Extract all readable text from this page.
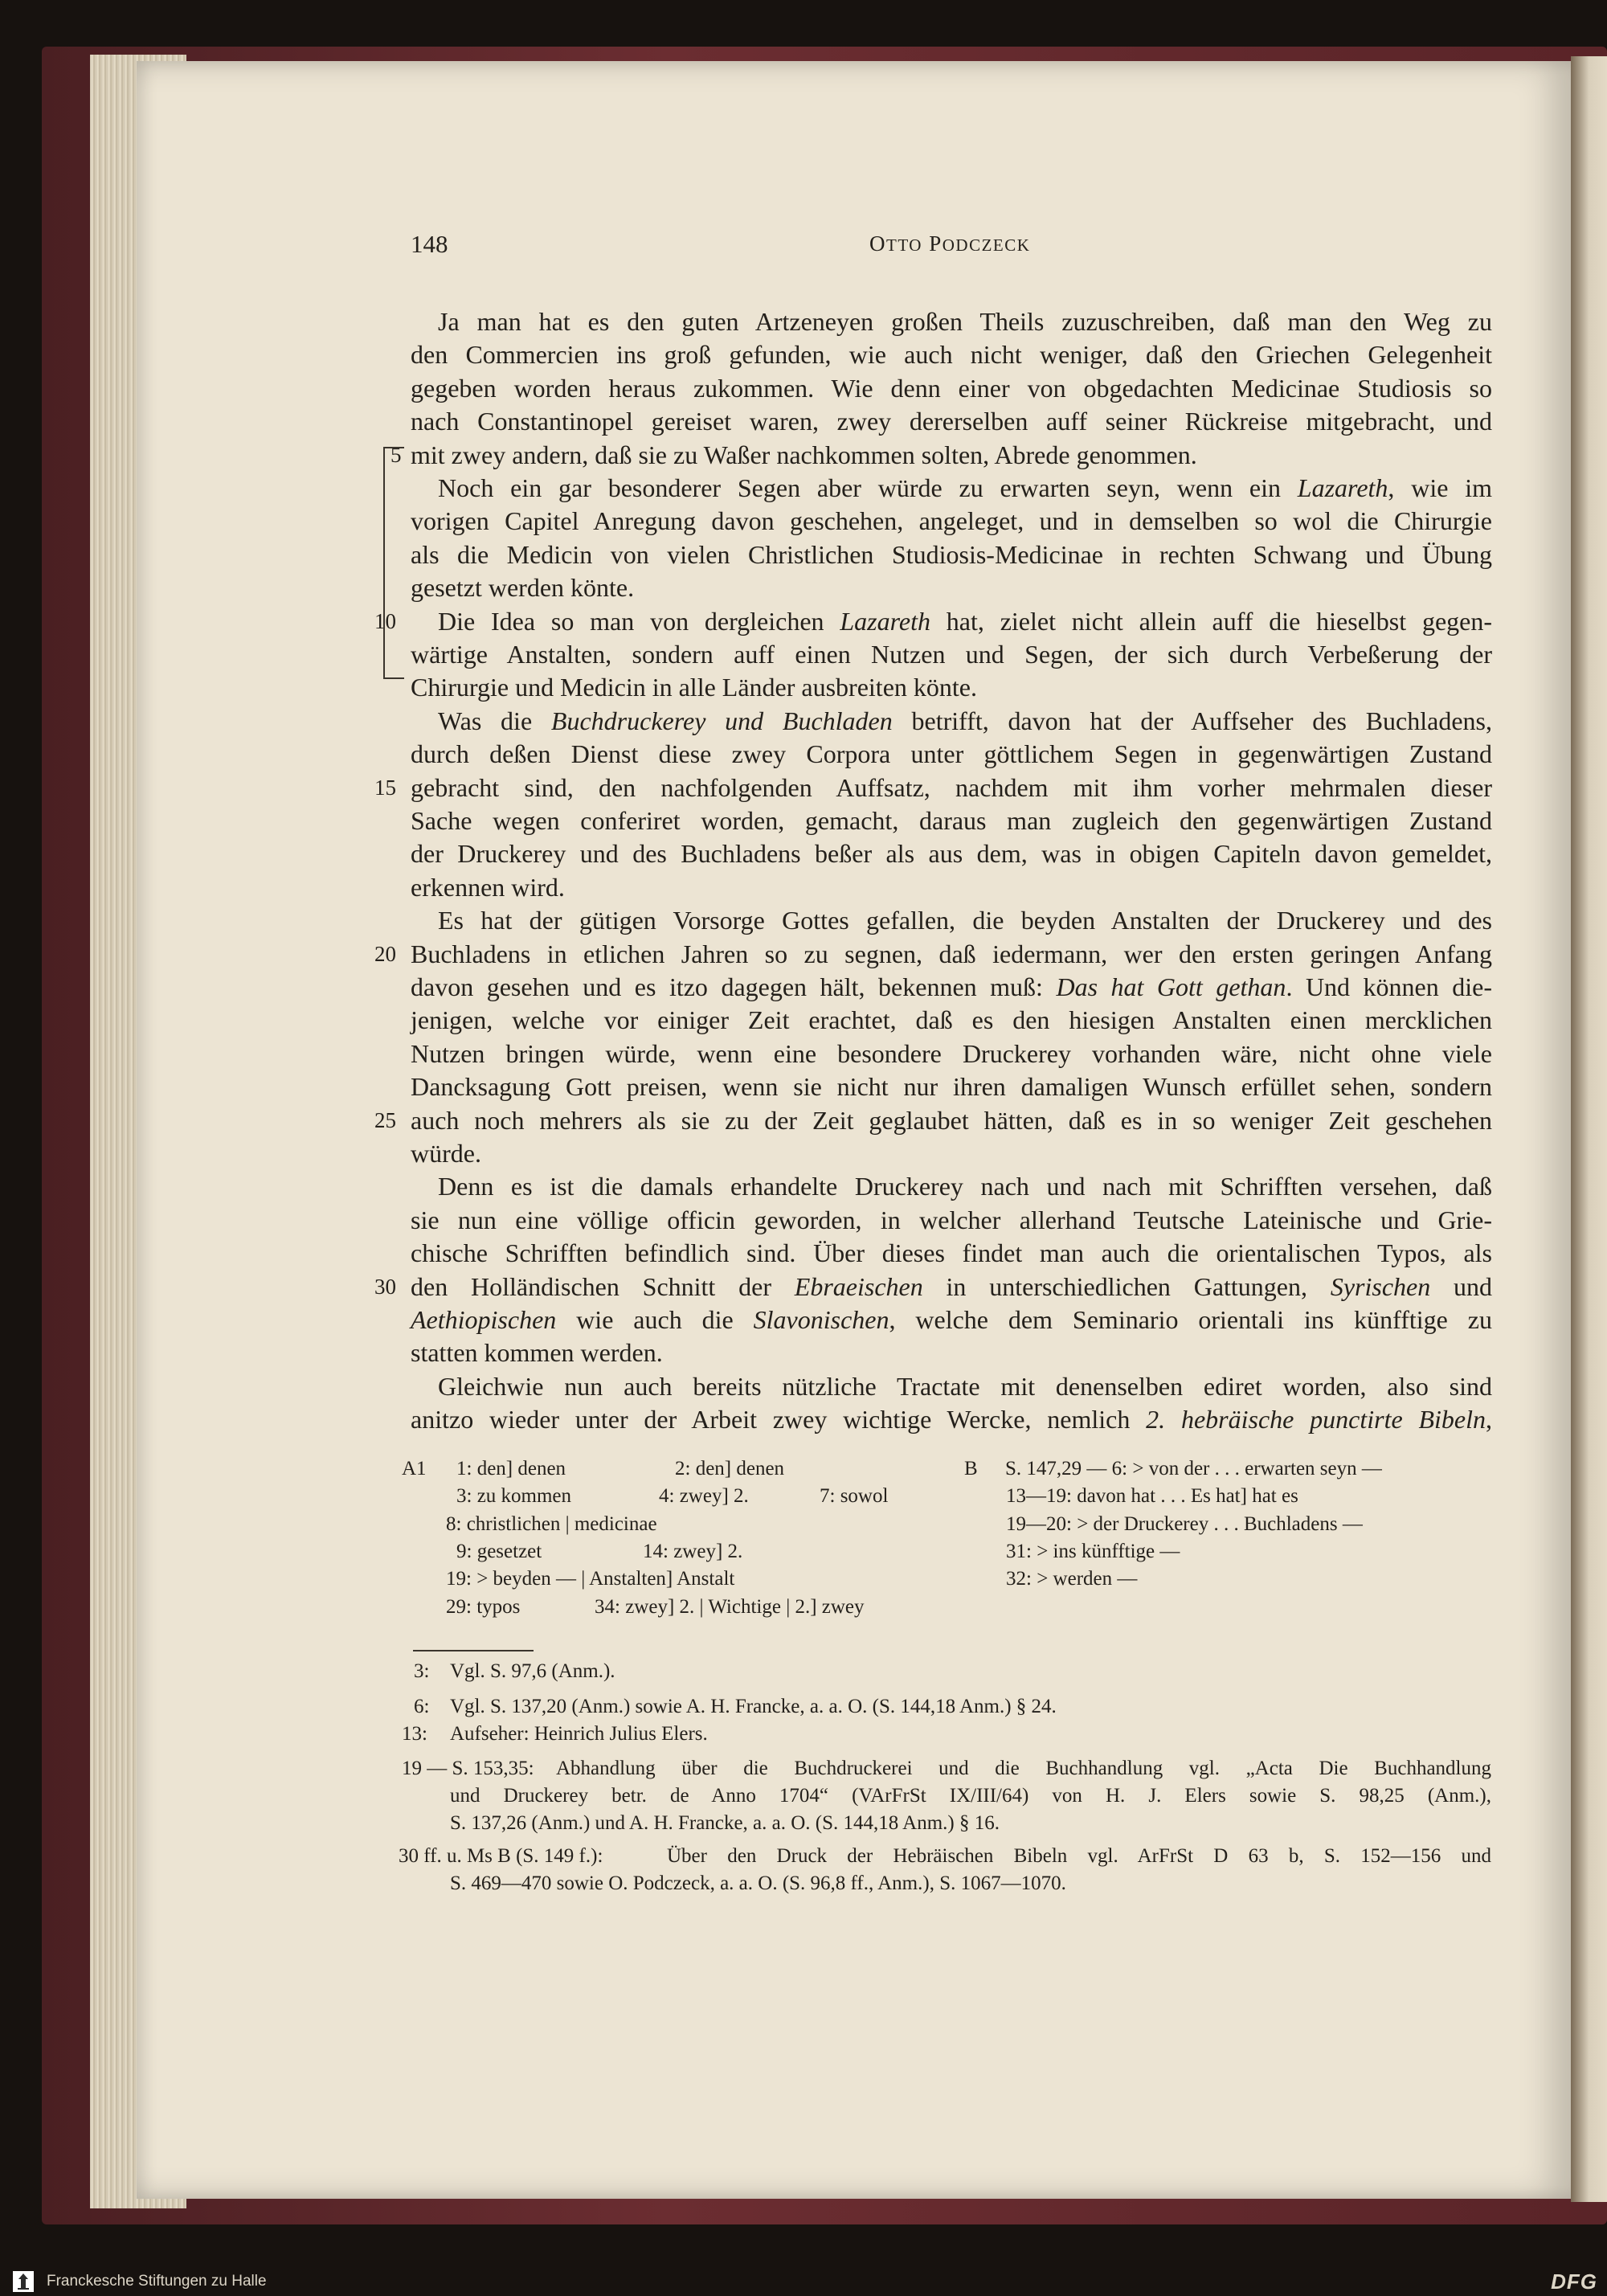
148	OTTO PODCZECK
Ja man hat es den guten Artzeneyen großen Theils zuzuschreiben, daß man den Weg zu
den Commercien ins groß gefunden, wie auch nicht weniger, daß den Griechen Gelegenheit
gegeben worden heraus zukommen. Wie denn einer von obgedachten Medicinae Studiosis so
nach Constantinopel gereiset waren, zwey dererselben auff seiner Rückreise mitgebracht, und
mit zwey andern, daß sie zu Waßer nachkommen solten, Abrede genommen.
Noch ein gar besonderer Segen aber würde zu erwarten seyn, wenn ein Lazareth, wie im
vorigen Capitel Anregung davon geschehen, angeleget, und in demselben so wol die Chirurgie
als die Medicin von vielen Christlichen Studiosis-Medicinae in rechten Schwang und Übung
gesetzt werden könte.
Die Idea so man von dergleichen Lazareth hat, zielet nicht allein auff die hieselbst gegen-
wärtige Anstalten, sondern auff einen Nutzen und Segen, der sich durch Verbeßerung der
Chirurgie und Medicin in alle Länder ausbreiten könte.
Was die Buchdruckerey und Buchladen betrifft, davon hat der Auffseher des Buchladens,
durch deßen Dienst diese zwey Corpora unter göttlichem Segen in gegenwärtigen Zustand
gebracht sind, den nachfolgenden Auffsatz, nachdem mit ihm vorher mehrmalen dieser
Sache wegen conferiret worden, gemacht, daraus man zugleich den gegenwärtigen Zustand
der Druckerey und des Buchladens beßer als aus dem, was in obigen Capiteln davon gemeldet,
erkennen wird.
Es hat der gütigen Vorsorge Gottes gefallen, die beyden Anstalten der Druckerey und des
Buchladens in etlichen Jahren so zu segnen, daß iedermann, wer den ersten geringen Anfang
davon gesehen und es itzo dagegen hält, bekennen muß: Das hat Gott gethan. Und können die-
jenigen, welche vor einiger Zeit erachtet, daß es den hiesigen Anstalten einen mercklichen
Nutzen bringen würde, wenn eine besondere Druckerey vorhanden wäre, nicht ohne viele
Dancksagung Gott preisen, wenn sie nicht nur ihren damaligen Wunsch erfüllet sehen, sondern
auch noch mehrers als sie zu der Zeit geglaubet hätten, daß es in so weniger Zeit geschehen
würde.
Denn es ist die damals erhandelte Druckerey nach und nach mit Schrifften versehen, daß
sie nun eine völlige officin geworden, in welcher allerhand Teutsche Lateinische und Grie-
chische Schrifften befindlich sind. Über dieses findet man auch die orientalischen Typos, als
den Holländischen Schnitt der Ebraeischen in unterschiedlichen Gattungen, Syrischen und
Aethiopischen wie auch die Slavonischen, welche dem Seminario orientali ins künfftige zu
statten kommen werden.
Gleichwie nun auch bereits nützliche Tractate mit denenselben ediret worden, also sind
anitzo wieder unter der Arbeit zwey wichtige Wercke, nemlich 2. hebräische punctirte Bibeln,
A1 1: den] denen	2: den] denen
3: zu kommen	4: zwey] 2.	7: sowol
8: christlichen | medicinae
9: gesetzet	14: zwey] 2.
19: > beyden — | Anstalten] Anstalt
29: typos	34: zwey] 2. | Wichtige | 2.] zwey
B S. 147,29 — 6: > von der . . . erwarten seyn —
13—19: davon hat . . . Es hat] hat es
19—20: > der Druckerey . . . Buchladens —
31: > ins künfftige —
32: > werden —
3: Vgl. S. 97,6 (Anm.).
6: Vgl. S. 137,20 (Anm.) sowie A. H. Francke, a. a. O. (S. 144,18 Anm.) § 24.
13: Aufseher: Heinrich Julius Elers.
19 — S. 153,35: Abhandlung über die Buchdruckerei und die Buchhandlung vgl. „Acta Die Buchhandlung
und Druckerey betr. de Anno 1704“ (VArFrSt IX/III/64) von H. J. Elers sowie S. 98,25 (Anm.),
S. 137,26 (Anm.) und A. H. Francke, a. a. O. (S. 144,18 Anm.) § 16.
30 ff. u. Ms B (S. 149 f.):	Über den Druck der Hebräischen Bibeln vgl. ArFrSt D 63 b, S. 152—156 und
S. 469—470 sowie O. Podczeck, a. a. O. (S. 96,8 ff., Anm.), S. 1067—1070.
Franckesche Stiftungen zu Halle	DFG
